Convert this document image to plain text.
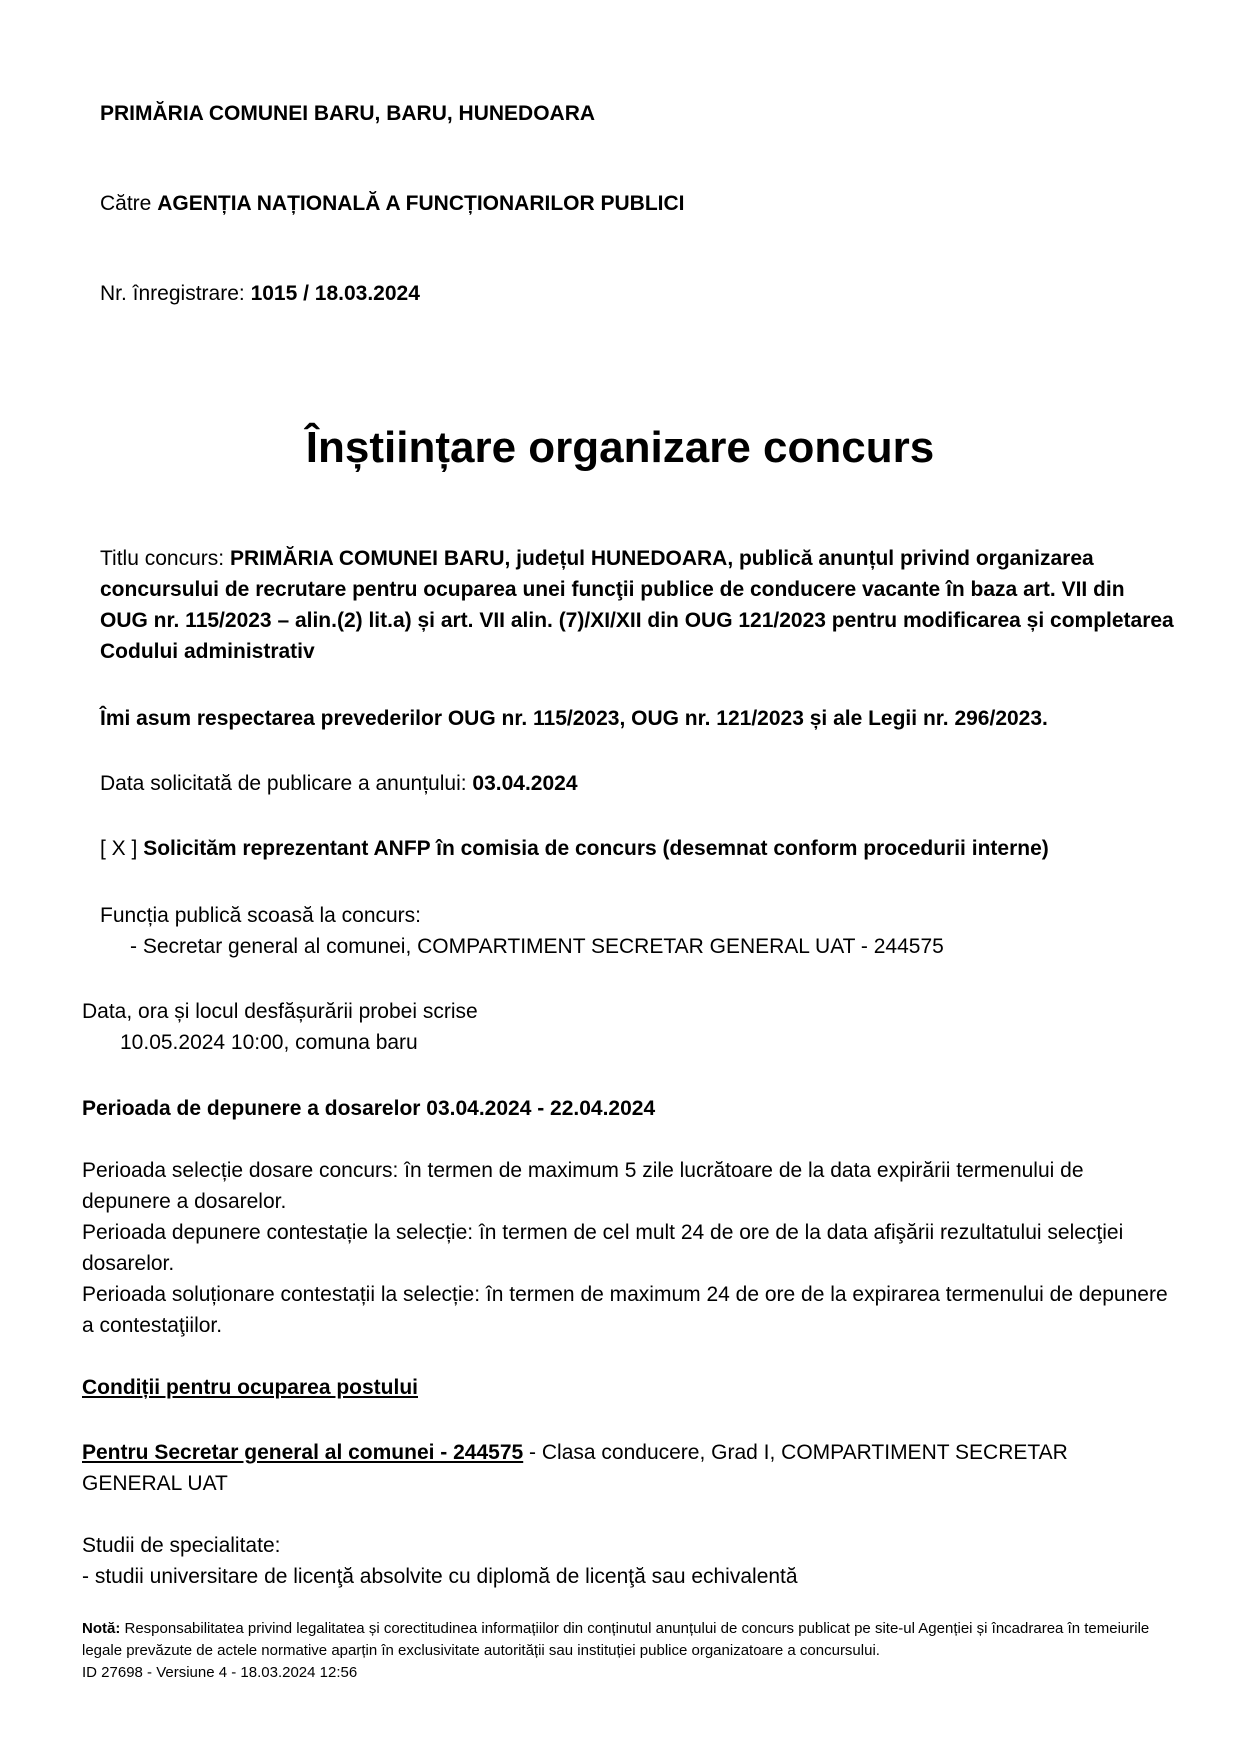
PRIMĂRIA COMUNEI BARU, BARU, HUNEDOARA
Către AGENȚIA NAȚIONALĂ A FUNCȚIONARILOR PUBLICI
Nr. înregistrare: 1015 / 18.03.2024
Înștiințare organizare concurs
Titlu concurs: PRIMĂRIA COMUNEI BARU, județul HUNEDOARA, publică anunțul privind organizarea concursului de recrutare pentru ocuparea unei funcţii publice de conducere vacante în baza art. VII din OUG nr. 115/2023 – alin.(2) lit.a) și art. VII alin. (7)/XI/XII din OUG 121/2023 pentru modificarea și completarea Codului administrativ
Îmi asum respectarea prevederilor OUG nr. 115/2023, OUG nr. 121/2023 și ale Legii nr. 296/2023.
Data solicitată de publicare a anunțului: 03.04.2024
[ X ] Solicităm reprezentant ANFP în comisia de concurs (desemnat conform procedurii interne)
Funcția publică scoasă la concurs:
- Secretar general al comunei, COMPARTIMENT SECRETAR GENERAL UAT - 244575
Data, ora și locul desfășurării probei scrise
10.05.2024 10:00, comuna baru
Perioada de depunere a dosarelor 03.04.2024 - 22.04.2024

Perioada selecție dosare concurs: în termen de maximum 5 zile lucrătoare de la data expirării termenului de depunere a dosarelor.

Perioada depunere contestație la selecție: în termen de cel mult 24 de ore de la data afişării rezultatului selecţiei dosarelor.

Perioada soluționare contestații la selecție: în termen de maximum 24 de ore de la expirarea termenului de depunere a contestaţiilor.

Condiții pentru ocuparea postului
Pentru Secretar general al comunei - 244575 - Clasa conducere, Grad I, COMPARTIMENT SECRETAR GENERAL UAT
Studii de specialitate:
- studii universitare de licenţă absolvite cu diplomă de licenţă sau echivalentă

Notă: Responsabilitatea privind legalitatea și corectitudinea informațiilor din conținutul anunțului de concurs publicat pe site-ul Agenției și încadrarea în temeiurile legale prevăzute de actele normative aparțin în exclusivitate autorității sau instituției publice organizatoare a concursului.

ID 27698 - Versiune 4 - 18.03.2024 12:56
